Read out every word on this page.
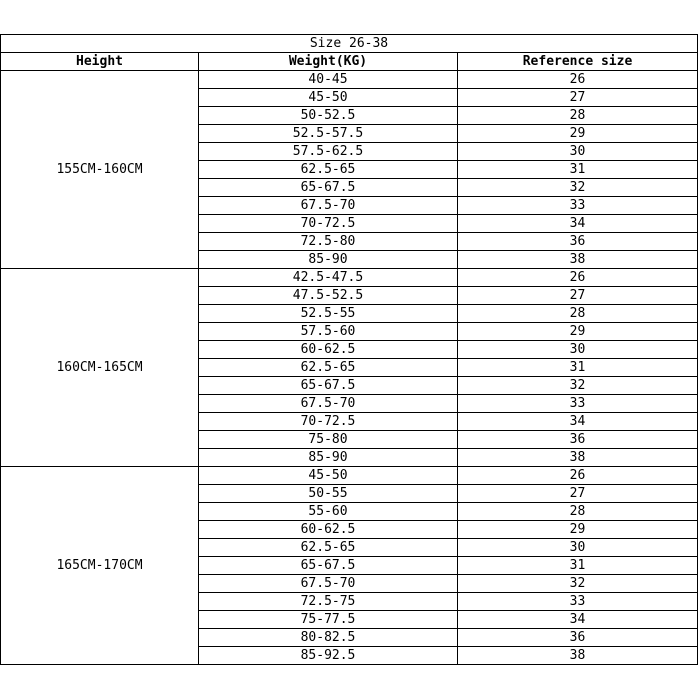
Size 26-38		
Height	Weight(KG)	Reference size
155CM-160CM	40-45	26
	45-50	27
	50-52.5	28
	52.5-57.5	29
	57.5-62.5	30
	62.5-65	31
	65-67.5	32
	67.5-70	33
	70-72.5	34
	72.5-80	36
	85-90	38
160CM-165CM	42.5-47.5	26
	47.5-52.5	27
	52.5-55	28
	57.5-60	29
	60-62.5	30
	62.5-65	31
	65-67.5	32
	67.5-70	33
	70-72.5	34
	75-80	36
	85-90	38
165CM-170CM	45-50	26
	50-55	27
	55-60	28
	60-62.5	29
	62.5-65	30
	65-67.5	31
	67.5-70	32
	72.5-75	33
	75-77.5	34
	80-82.5	36
	85-92.5	38
